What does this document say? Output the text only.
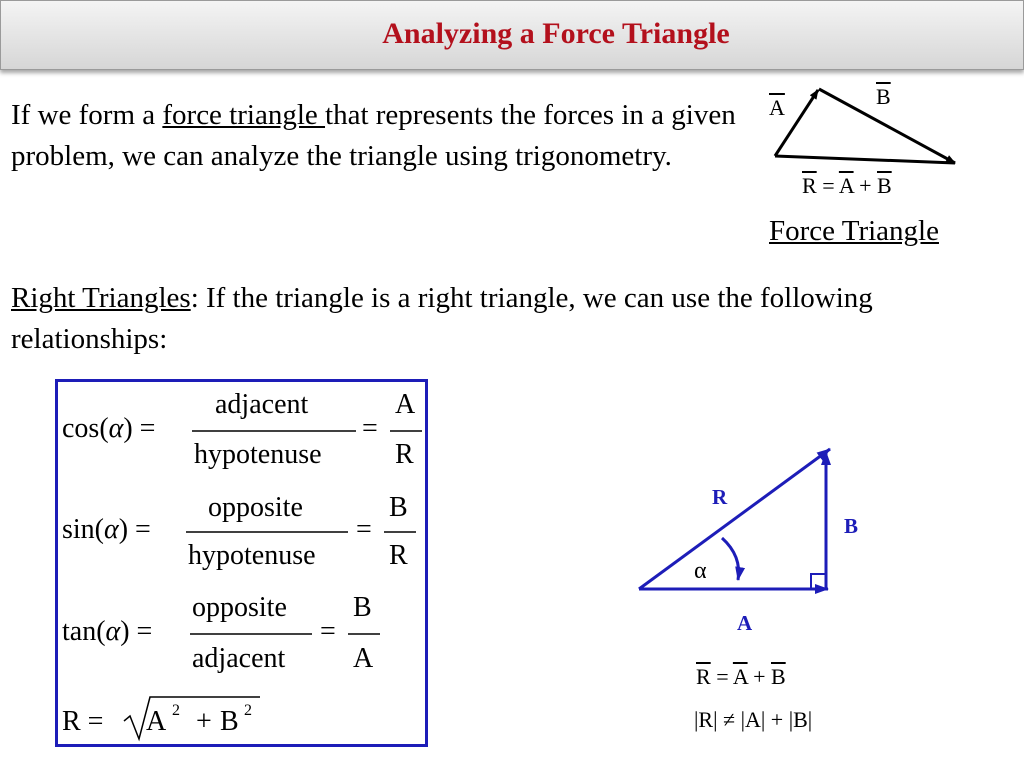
Analyzing a Force Triangle
If we form a force triangle that represents the forces in a given problem, we can analyze the triangle using trigonometry.
$\overline{A}$	$\overline{B}$
$\overline{R} = \overline{A} + \overline{B}$
Force Triangle
Right Triangles: If the triangle is a right triangle, we can use the following relationships:
cos(α) =
adjacent
hypotenuse
=
A
R
sin(α) =
opposite
hypotenuse
=
B
R
tan(α) =
opposite
adjacent
=
B
A
R = A 2 + B 2
R
B
A
α
$\overline{R} = \overline{A} + \overline{B}$
|R| ≠ |A| + |B|
